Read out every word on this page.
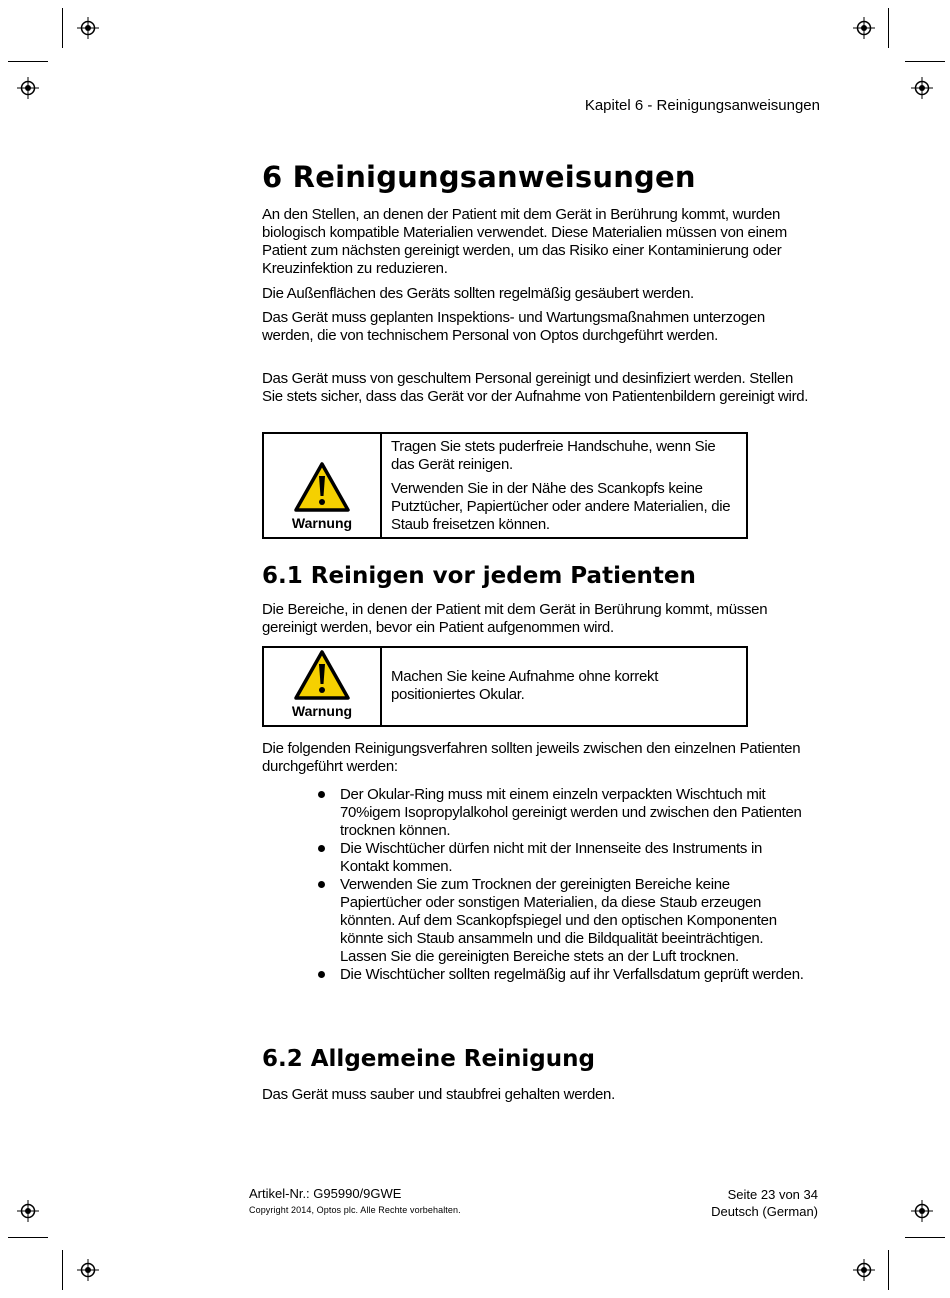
Kapitel 6 - Reinigungsanweisungen
6 Reinigungsanweisungen
An den Stellen, an denen der Patient mit dem Gerät in Berührung kommt, wurden biologisch kompatible Materialien verwendet. Diese Materialien müssen von einem Patient zum nächsten gereinigt werden, um das Risiko einer Kontaminierung oder Kreuzinfektion zu reduzieren.
Die Außenflächen des Geräts sollten regelmäßig gesäubert werden.
Das Gerät muss geplanten Inspektions- und Wartungsmaßnahmen unterzogen werden, die von technischem Personal von Optos durchgeführt werden.
Das Gerät muss von geschultem Personal gereinigt und desinfiziert werden. Stellen Sie stets sicher, dass das Gerät vor der Aufnahme von Patientenbildern gereinigt wird.
Warnung

Tragen Sie stets puderfreie Handschuhe, wenn Sie das Gerät reinigen.

Verwenden Sie in der Nähe des Scankopfs keine Putztücher, Papiertücher oder andere Materialien, die Staub freisetzen können.

6.1 Reinigen vor jedem Patienten
Die Bereiche, in denen der Patient mit dem Gerät in Berührung kommt, müssen gereinigt werden, bevor ein Patient aufgenommen wird.
Warnung

Machen Sie keine Aufnahme ohne korrekt positioniertes Okular.

Die folgenden Reinigungsverfahren sollten jeweils zwischen den einzelnen Patienten durchgeführt werden:
Der Okular-Ring muss mit einem einzeln verpackten Wischtuch mit 70%igem Isopropylalkohol gereinigt werden und zwischen den Patienten trocknen können.
Die Wischtücher dürfen nicht mit der Innenseite des Instruments in Kontakt kommen.
Verwenden Sie zum Trocknen der gereinigten Bereiche keine Papiertücher oder sonstigen Materialien, da diese Staub erzeugen könnten. Auf dem Scankopfspiegel und den optischen Komponenten könnte sich Staub ansammeln und die Bildqualität beeinträchtigen. Lassen Sie die gereinigten Bereiche stets an der Luft trocknen.
Die Wischtücher sollten regelmäßig auf ihr Verfallsdatum geprüft werden.
6.2 Allgemeine Reinigung
Das Gerät muss sauber und staubfrei gehalten werden.
Artikel-Nr.: G95990/9GWE
Copyright 2014, Optos plc. Alle Rechte vorbehalten.
Seite 23 von 34
Deutsch (German)
